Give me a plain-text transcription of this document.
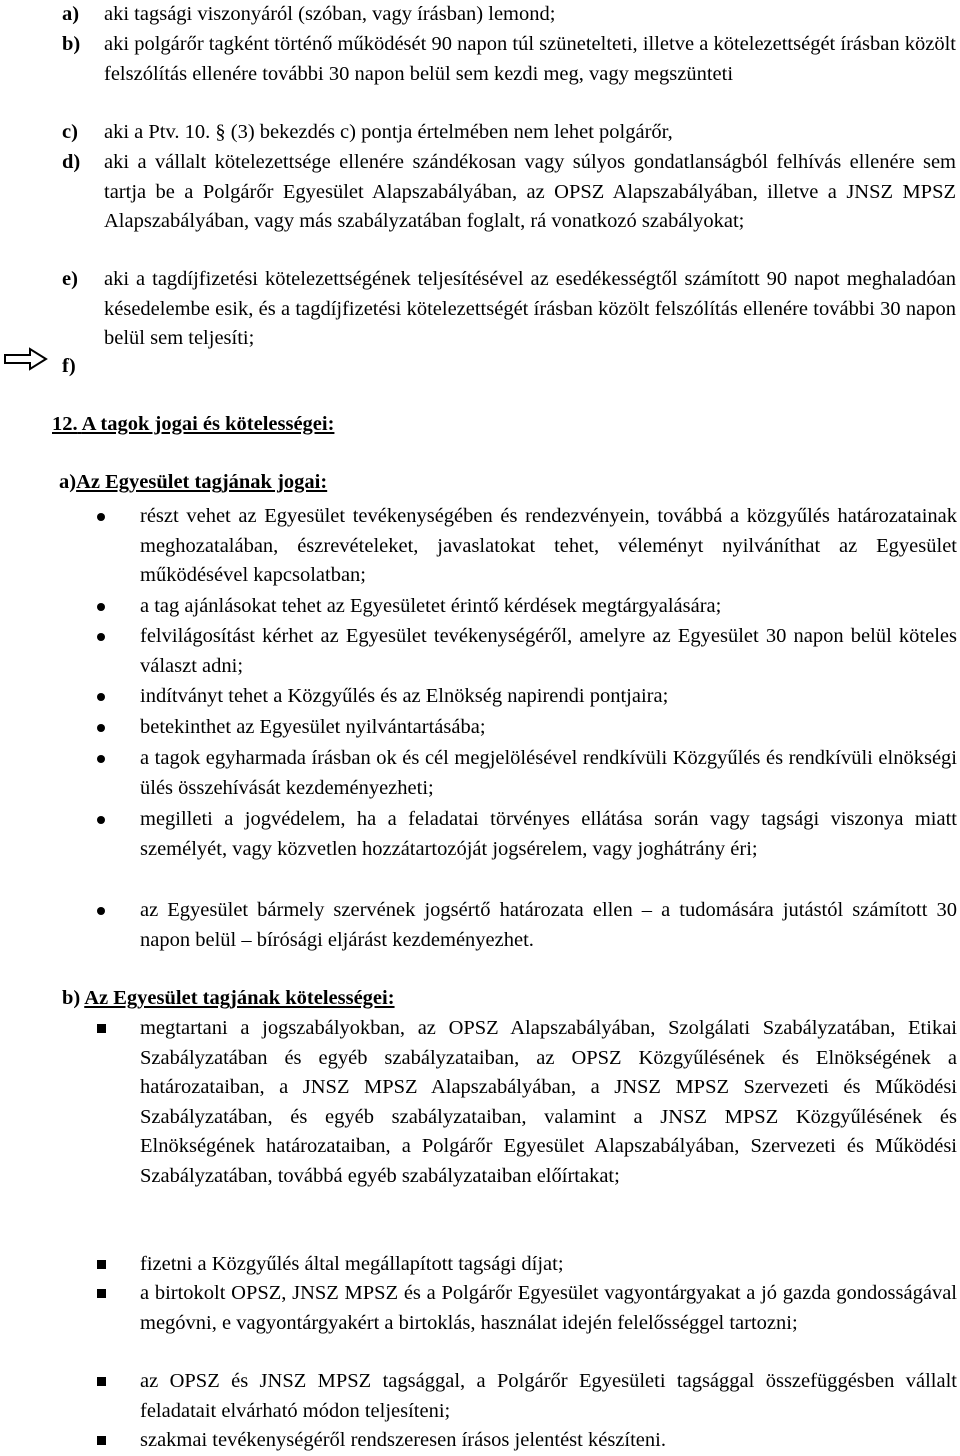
a) aki tagsági viszonyáról (szóban, vagy írásban) lemond;
b) aki polgárőr tagként történő működését 90 napon túl szünetelteti, illetve a kötelezettségét írásban közölt felszólítás ellenére további 30 napon belül sem kezdi meg, vagy megszünteti
c) aki a Ptv. 10. § (3) bekezdés c) pontja értelmében nem lehet polgárőr,
d) aki a vállalt kötelezettsége ellenére szándékosan vagy súlyos gondatlanságból felhívás ellenére sem tartja be a Polgárőr Egyesület Alapszabályában, az OPSZ Alapszabályában, illetve a JNSZ MPSZ Alapszabályában, vagy más szabályzatában foglalt, rá vonatkozó szabályokat;
e) aki a tagdíjfizetési kötelezettségének teljesítésével az esedékességtől számított 90 napot meghaladóan késedelembe esik, és a tagdíjfizetési kötelezettségét írásban közölt felszólítás ellenére további 30 napon belül sem teljesíti;
f)
12. A tagok jogai és kötelességei:
a)Az Egyesület tagjának jogai:
részt vehet az Egyesület tevékenységében és rendezvényein, továbbá a közgyűlés határozatainak meghozatalában, észrevételeket, javaslatokat tehet, véleményt nyilváníthat az Egyesület működésével kapcsolatban;
a tag ajánlásokat tehet az Egyesületet érintő kérdések megtárgyalására;
felvilágosítást kérhet az Egyesület tevékenységéről, amelyre az Egyesület 30 napon belül köteles választ adni;
indítványt tehet a Közgyűlés és az Elnökség napirendi pontjaira;
betekinthet az Egyesület nyilvántartásába;
a tagok egyharmada írásban ok és cél megjelölésével rendkívüli Közgyűlés és rendkívüli elnökségi ülés összehívását kezdeményezheti;
megilleti a jogvédelem, ha a feladatai törvényes ellátása során vagy tagsági viszonya miatt személyét, vagy közvetlen hozzátartozóját jogsérelem, vagy joghátrány éri;
az Egyesület bármely szervének jogsértő határozata ellen – a tudomására jutástól számított 30 napon belül – bírósági eljárást kezdeményezhet.
b) Az Egyesület tagjának kötelességei:
megtartani a jogszabályokban, az OPSZ Alapszabályában, Szolgálati Szabályzatában, Etikai Szabályzatában és egyéb szabályzataiban, az OPSZ Közgyűlésének és Elnökségének a határozataiban, a JNSZ MPSZ Alapszabályában, a JNSZ MPSZ Szervezeti és Működési Szabályzatában, és egyéb szabályzataiban, valamint a JNSZ MPSZ Közgyűlésének és Elnökségének határozataiban, a Polgárőr Egyesület Alapszabályában, Szervezeti és Működési Szabályzatában, továbbá egyéb szabályzataiban előírtakat;
fizetni a Közgyűlés által megállapított tagsági díjat;
a birtokolt OPSZ, JNSZ MPSZ és a Polgárőr Egyesület vagyontárgyakat a jó gazda gondosságával megóvni, e vagyontárgyakért a birtoklás, használat idején felelősséggel tartozni;
az OPSZ és JNSZ MPSZ tagsággal, a Polgárőr Egyesületi tagsággal összefüggésben vállalt feladatait elvárható módon teljesíteni;
szakmai tevékenységéről rendszeresen írásos jelentést készíteni.
